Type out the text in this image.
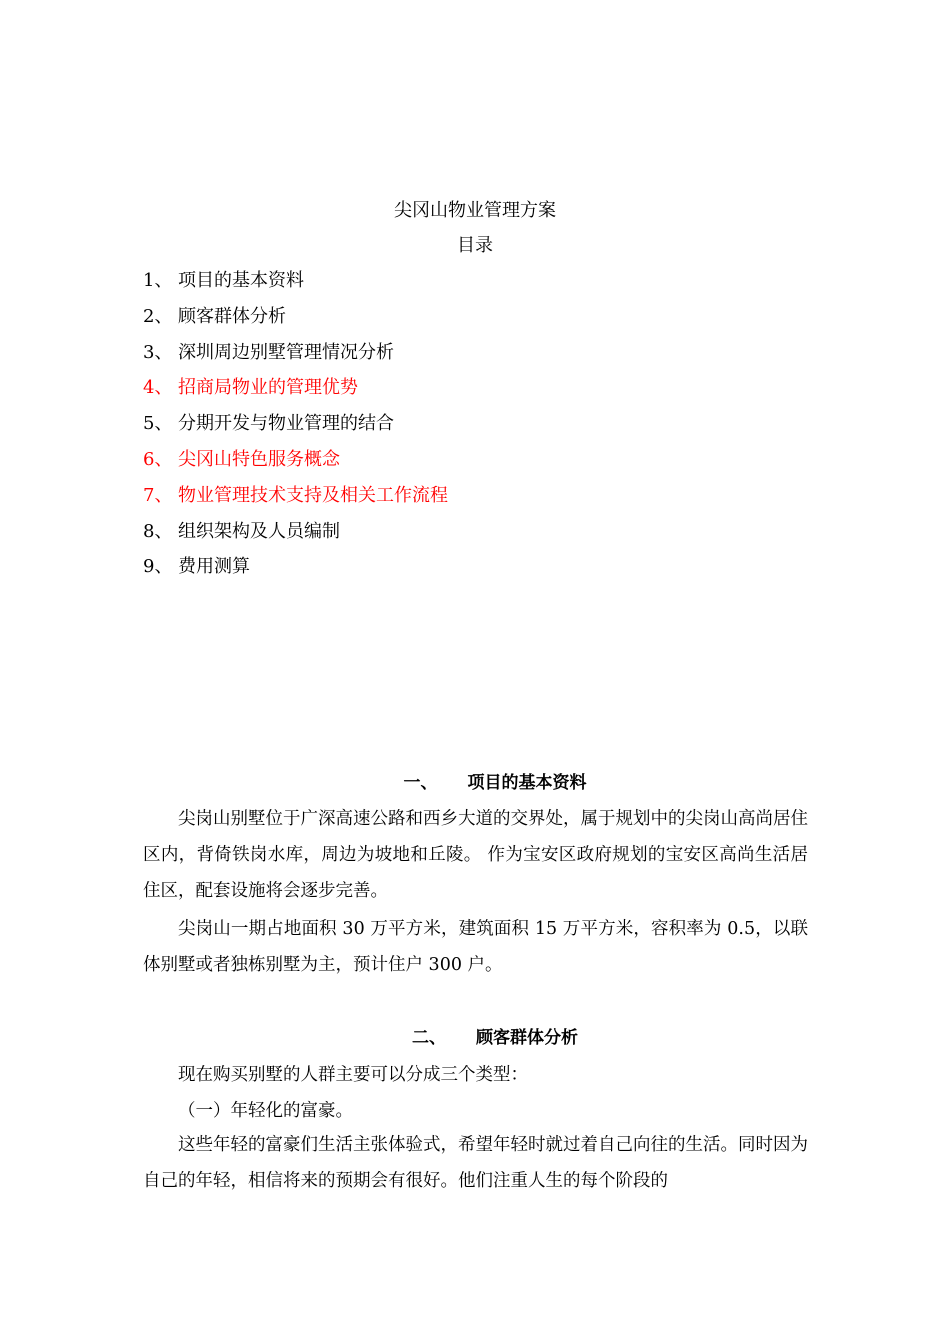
尖冈山物业管理方案
目录
1、 项目的基本资料
2、 顾客群体分析
3、 深圳周边别墅管理情况分析
4、 招商局物业的管理优势
5、 分期开发与物业管理的结合
6、 尖冈山特色服务概念
7、 物业管理技术支持及相关工作流程
8、 组织架构及人员编制
9、 费用测算
一、 项目的基本资料

尖岗山别墅位于广深高速公路和西乡大道的交界处，属于规划中的尖岗山高尚居住区内，背倚铁岗水库，周边为坡地和丘陵。 作为宝安区政府规划的宝安区高尚生活居住区，配套设施将会逐步完善。

尖岗山一期占地面积 30 万平方米，建筑面积 15 万平方米，容积率为 0.5，以联体别墅或者独栋别墅为主，预计住户 300 户。

二、 顾客群体分析

现在购买别墅的人群主要可以分成三个类型：

（一）年轻化的富豪。

这些年轻的富豪们生活主张体验式，希望年轻时就过着自己向往的生活。同时因为自己的年轻，相信将来的预期会有很好。他们注重人生的每个阶段的
